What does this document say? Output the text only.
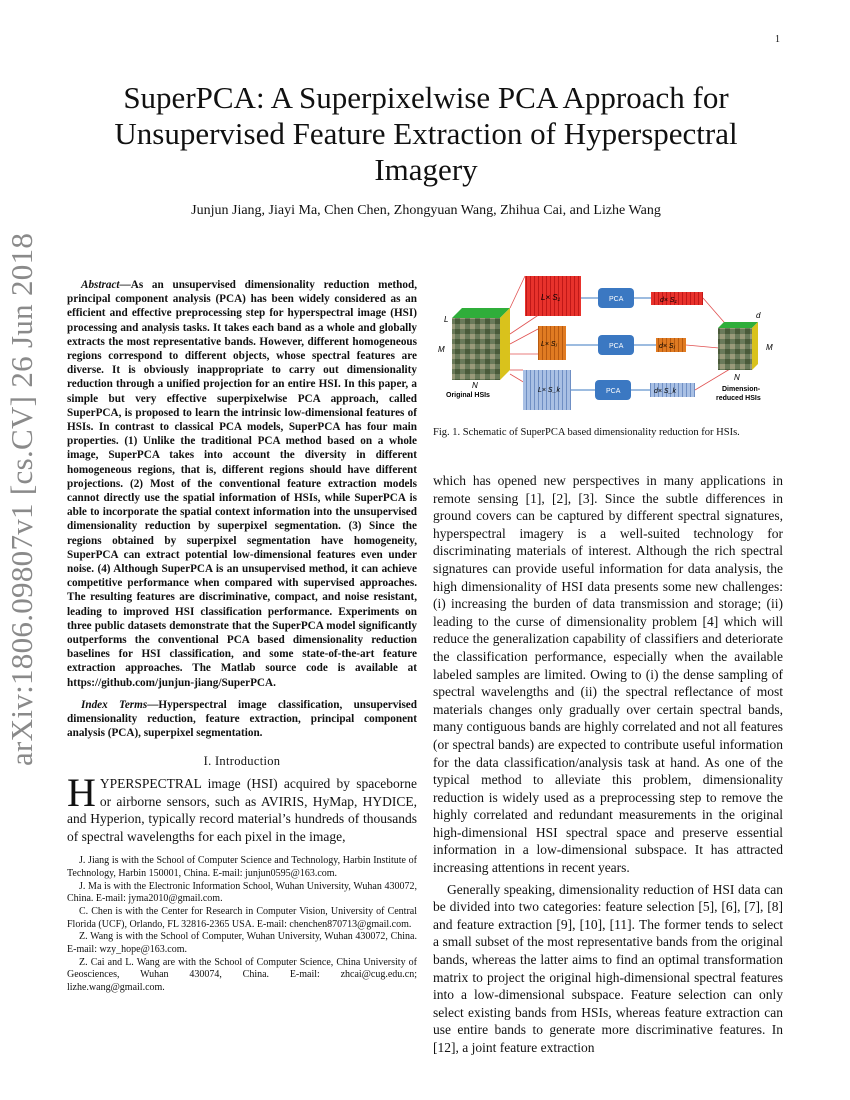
1
arXiv:1806.09807v1 [cs.CV] 26 Jun 2018
SuperPCA: A Superpixelwise PCA Approach for Unsupervised Feature Extraction of Hyperspectral Imagery
Junjun Jiang, Jiayi Ma, Chen Chen, Zhongyuan Wang, Zhihua Cai, and Lizhe Wang

Abstract—As an unsupervised dimensionality reduction method, principal component analysis (PCA) has been widely considered as an efficient and effective preprocessing step for hyperspectral image (HSI) processing and analysis tasks. It takes each band as a whole and globally extracts the most representative bands. However, different homogeneous regions correspond to different objects, whose spectral features are diverse. It is obviously inappropriate to carry out dimensionality reduction through a unified projection for an entire HSI. In this paper, a simple but very effective superpixelwise PCA approach, called SuperPCA, is proposed to learn the intrinsic low-dimensional features of HSIs. In contrast to classical PCA models, SuperPCA has four main properties. (1) Unlike the traditional PCA method based on a whole image, SuperPCA takes into account the diversity in different homogeneous regions, that is, different regions should have different projections. (2) Most of the conventional feature extraction models cannot directly use the spatial information of HSIs, while SuperPCA is able to incorporate the spatial context information into the unsupervised dimensionality reduction by superpixel segmentation. (3) Since the regions obtained by superpixel segmentation have homogeneity, SuperPCA can extract potential low-dimensional features even under noise. (4) Although SuperPCA is an unsupervised method, it can achieve competitive performance when compared with supervised approaches. The resulting features are discriminative, compact, and noise resistant, leading to improved HSI classification performance. Experiments on three public datasets demonstrate that the SuperPCA model significantly outperforms the conventional PCA based dimensionality reduction baselines for HSI classification, and some state-of-the-art feature extraction approaches. The Matlab source code is available at https://github.com/junjun-jiang/SuperPCA.

Index Terms—Hyperspectral image classification, unsupervised dimensionality reduction, feature extraction, principal component analysis (PCA), superpixel segmentation.

I. Introduction

HYPERSPECTRAL image (HSI) acquired by spaceborne or airborne sensors, such as AVIRIS, HyMap, HYDICE, and Hyperion, typically record material’s hundreds of thousands of spectral wavelengths for each pixel in the image,

J. Jiang is with the School of Computer Science and Technology, Harbin Institute of Technology, Harbin 150001, China. E-mail: junjun0595@163.com.

J. Ma is with the Electronic Information School, Wuhan University, Wuhan 430072, China. E-mail: jyma2010@gmail.com.

C. Chen is with the Center for Research in Computer Vision, University of Central Florida (UCF), Orlando, FL 32816-2365 USA. E-mail: chenchen870713@gmail.com.

Z. Wang is with the School of Computer, Wuhan University, Wuhan 430072, China. E-mail: wzy_hope@163.com.

Z. Cai and L. Wang are with the School of Computer Science, China University of Geosciences, Wuhan 430074, China. E-mail: zhcai@cug.edu.cn; lizhe.wang@gmail.com.

L
M
N
Original HSIs
L× S₁	PCA	d× S₁
L× Sⱼ	PCA	d× Sⱼ
L× S_k	PCA	d× S_k
d
M
N
Dimension-
reduced HSIs
Fig. 1. Schematic of SuperPCA based dimensionality reduction for HSIs.

which has opened new perspectives in many applications in remote sensing [1], [2], [3]. Since the subtle differences in ground covers can be captured by different spectral signatures, hyperspectral imagery is a well-suited technology for discriminating materials of interest. Although the rich spectral signatures can provide useful information for data analysis, the high dimensionality of HSI data presents some new challenges: (i) increasing the burden of data transmission and storage; (ii) leading to the curse of dimensionality problem [4] which will reduce the generalization capability of classifiers and deteriorate the classification performance, especially when the available labeled samples are limited. Owing to (i) the dense sampling of spectral wavelengths and (ii) the spectral reflectance of most materials changes only gradually over certain spectral bands, many contiguous bands are highly correlated and not all features (or spectral bands) are expected to contribute useful information for the data classification/analysis task at hand. As one of the typical method to alleviate this problem, dimensionality reduction is widely used as a preprocessing step to remove the highly correlated and redundant measurements in the original high-dimensional HSI spectral space and preserve essential information in a low-dimensional subspace. It has attracted increasing attentions in recent years.

Generally speaking, dimensionality reduction of HSI data can be divided into two categories: feature selection [5], [6], [7], [8] and feature extraction [9], [10], [11]. The former tends to select a small subset of the most representative bands from the original bands, whereas the latter aims to find an optimal transformation matrix to project the original high-dimensional spectral features into a low-dimensional subspace. Feature selection can only select existing bands from HSIs, whereas feature extraction can use entire bands to generate more discriminative features. In [12], a joint feature extraction
